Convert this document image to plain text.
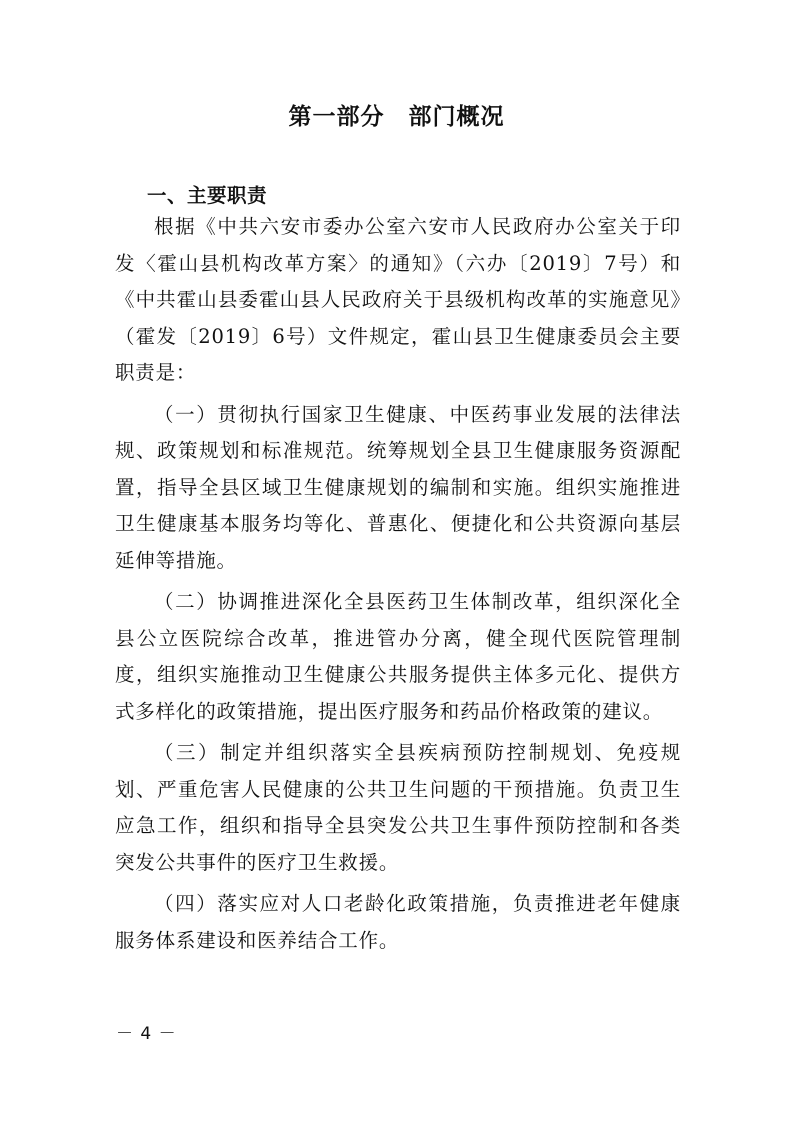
第一部分　部门概况
一、主要职责

根据《中共六安市委办公室六安市人民政府办公室关于印发〈霍山县机构改革方案〉的通知》（六办〔2019〕7号）和《中共霍山县委霍山县人民政府关于县级机构改革的实施意见》（霍发〔2019〕6号）文件规定，霍山县卫生健康委员会主要职责是：

（一）贯彻执行国家卫生健康、中医药事业发展的法律法规、政策规划和标准规范。统筹规划全县卫生健康服务资源配置，指导全县区域卫生健康规划的编制和实施。组织实施推进卫生健康基本服务均等化、普惠化、便捷化和公共资源向基层延伸等措施。

（二）协调推进深化全县医药卫生体制改革，组织深化全县公立医院综合改革，推进管办分离，健全现代医院管理制度，组织实施推动卫生健康公共服务提供主体多元化、提供方式多样化的政策措施，提出医疗服务和药品价格政策的建议。

（三）制定并组织落实全县疾病预防控制规划、免疫规划、严重危害人民健康的公共卫生问题的干预措施。负责卫生应急工作，组织和指导全县突发公共卫生事件预防控制和各类突发公共事件的医疗卫生救援。

（四）落实应对人口老龄化政策措施，负责推进老年健康服务体系建设和医养结合工作。

－ 4 －
